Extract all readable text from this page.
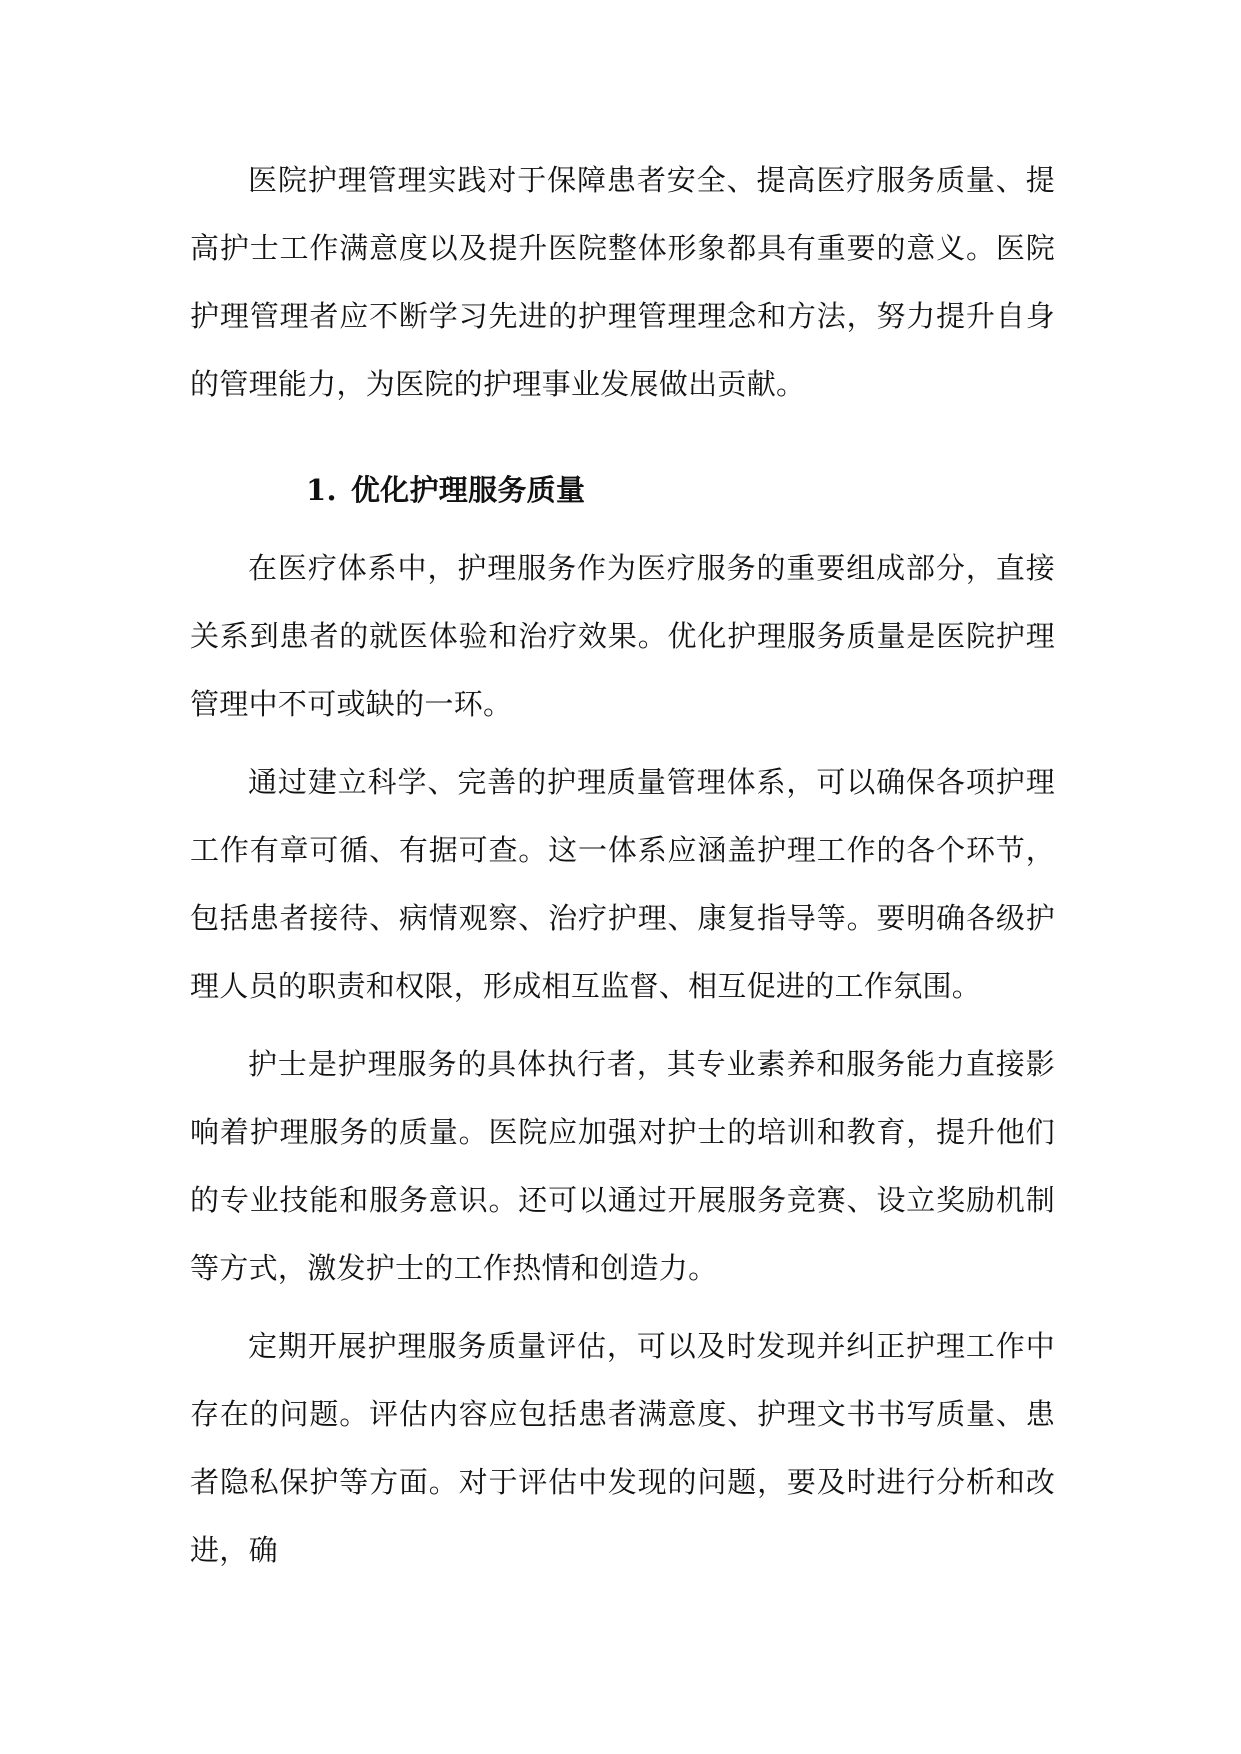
医院护理管理实践对于保障患者安全、提高医疗服务质量、提高护士工作满意度以及提升医院整体形象都具有重要的意义。医院护理管理者应不断学习先进的护理管理理念和方法，努力提升自身的管理能力，为医院的护理事业发展做出贡献。

1. 优化护理服务质量

在医疗体系中，护理服务作为医疗服务的重要组成部分，直接关系到患者的就医体验和治疗效果。优化护理服务质量是医院护理管理中不可或缺的一环。

通过建立科学、完善的护理质量管理体系，可以确保各项护理工作有章可循、有据可查。这一体系应涵盖护理工作的各个环节，包括患者接待、病情观察、治疗护理、康复指导等。要明确各级护理人员的职责和权限，形成相互监督、相互促进的工作氛围。

护士是护理服务的具体执行者，其专业素养和服务能力直接影响着护理服务的质量。医院应加强对护士的培训和教育，提升他们的专业技能和服务意识。还可以通过开展服务竞赛、设立奖励机制等方式，激发护士的工作热情和创造力。

定期开展护理服务质量评估，可以及时发现并纠正护理工作中存在的问题。评估内容应包括患者满意度、护理文书书写质量、患者隐私保护等方面。对于评估中发现的问题，要及时进行分析和改进，确
